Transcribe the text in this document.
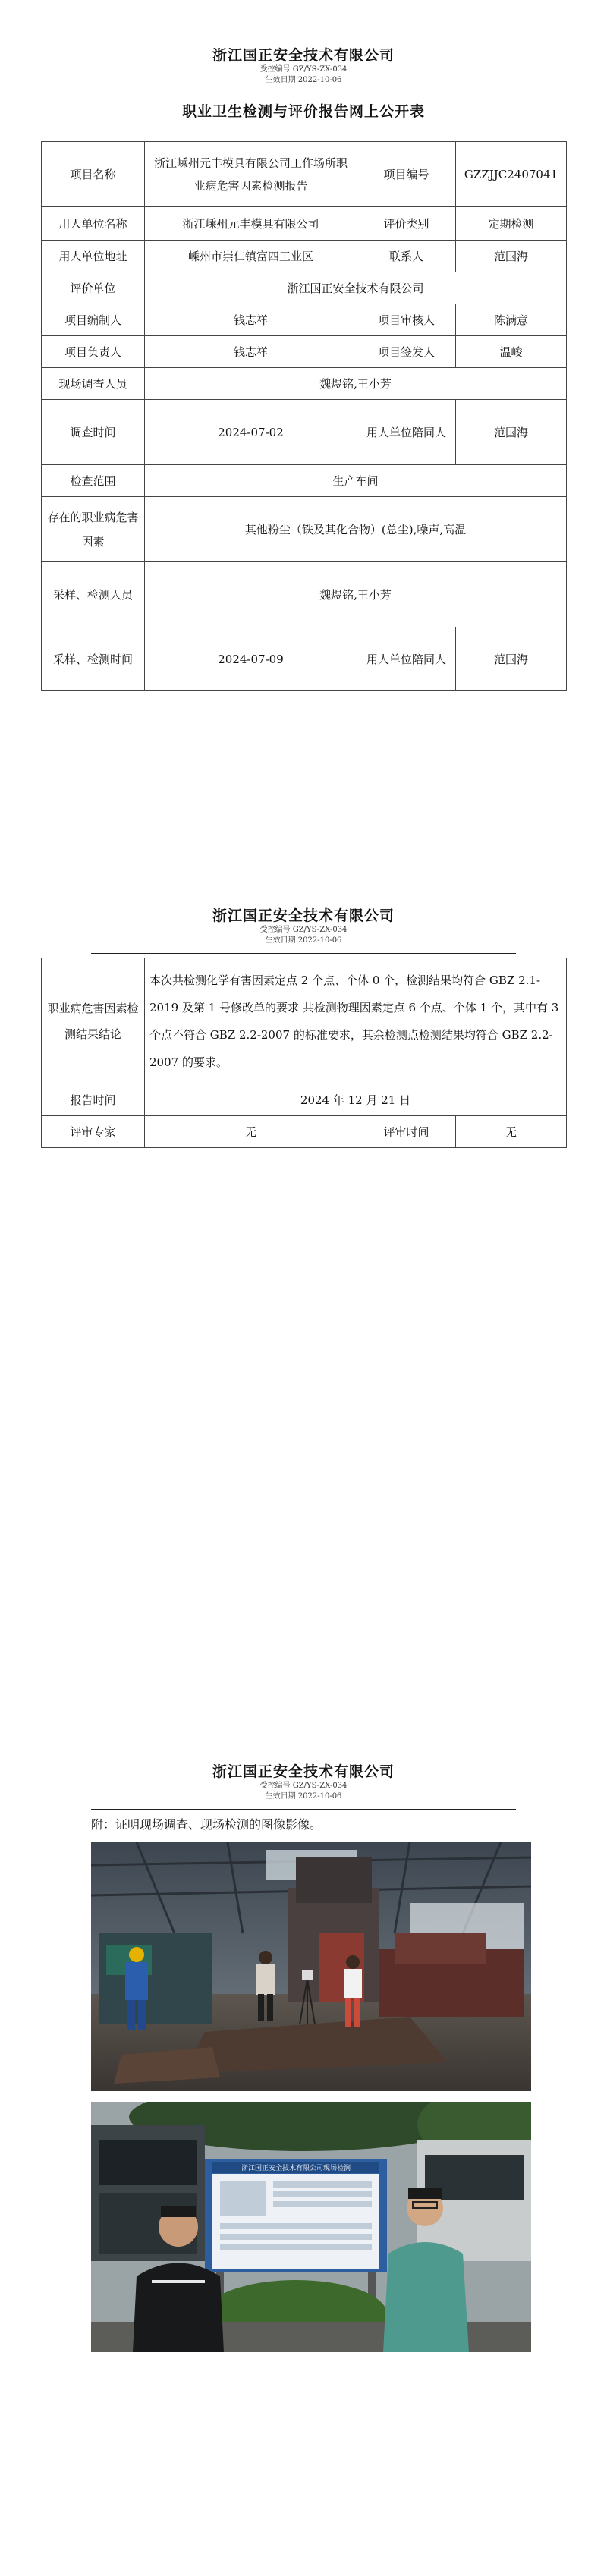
浙江国正安全技术有限公司
受控编号 GZ/YS-ZX-034
生效日期 2022-10-06
职业卫生检测与评价报告网上公开表
项目名称	浙江嵊州元丰模具有限公司工作场所职业病危害因素检测报告	项目编号	GZZJJC2407041
用人单位名称	浙江嵊州元丰模具有限公司	评价类别	定期检测
用人单位地址	嵊州市崇仁镇富四工业区	联系人	范国海
评价单位	浙江国正安全技术有限公司		
项目编制人	钱志祥	项目审核人	陈满意
项目负责人	钱志祥	项目签发人	温峻
现场调查人员	魏煜铭,王小芳		
调查时间	2024-07-02	用人单位陪同人	范国海
检查范围	生产车间		
存在的职业病危害因素	其他粉尘（铁及其化合物）(总尘),噪声,高温		
采样、检测人员	魏煜铭,王小芳		
采样、检测时间	2024-07-09	用人单位陪同人	范国海
浙江国正安全技术有限公司
受控编号 GZ/YS-ZX-034
生效日期 2022-10-06
职业病危害因素检测结果结论	本次共检测化学有害因素定点 2 个点、个体 0 个，检测结果均符合 GBZ 2.1-2019 及第 1 号修改单的要求 共检测物理因素定点 6 个点、个体 1 个，其中有 3 个点不符合 GBZ 2.2-2007 的标准要求，其余检测点检测结果均符合 GBZ 2.2-2007 的要求。		
报告时间	2024 年 12 月 21 日		
评审专家	无	评审时间	无
浙江国正安全技术有限公司
受控编号 GZ/YS-ZX-034
生效日期 2022-10-06
附：证明现场调查、现场检测的图像影像。
浙江国正安全技术有限公司现场检测
